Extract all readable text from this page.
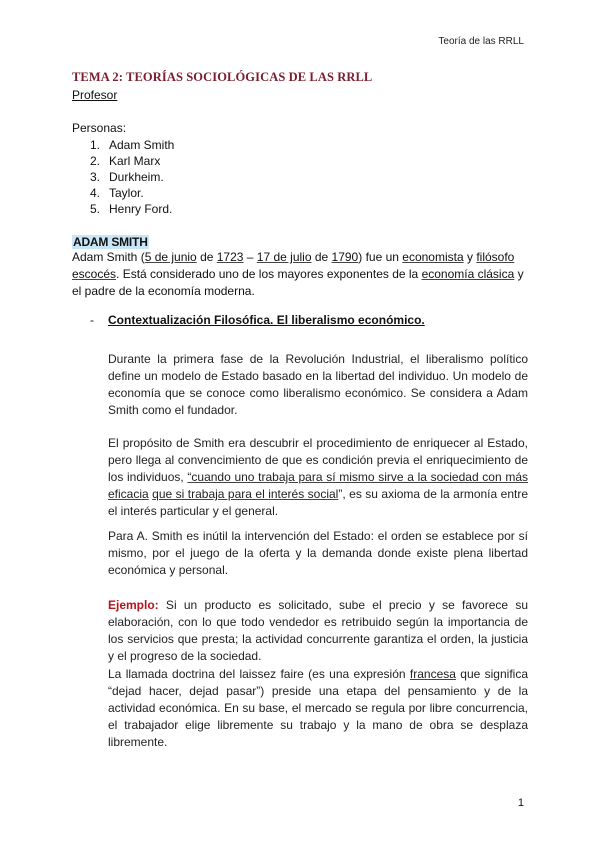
Teoría de las RRLL
TEMA 2: TEORÍAS SOCIOLÓGICAS DE LAS RRLL
Profesor
Personas:
1. Adam Smith
2. Karl Marx
3. Durkheim.
4. Taylor.
5. Henry Ford.
ADAM SMITH
Adam Smith (5 de junio de 1723 – 17 de julio de 1790) fue un economista y filósofo escocés. Está considerado uno de los mayores exponentes de la economía clásica y el padre de la economía moderna.
- Contextualización Filosófica. El liberalismo económico.
Durante la primera fase de la Revolución Industrial, el liberalismo político define un modelo de Estado basado en la libertad del individuo. Un modelo de economía que se conoce como liberalismo económico. Se considera a Adam Smith como el fundador.
El propósito de Smith era descubrir el procedimiento de enriquecer al Estado, pero llega al convencimiento de que es condición previa el enriquecimiento de los individuos, “cuando uno trabaja para sí mismo sirve a la sociedad con más eficacia que si trabaja para el interés social”, es su axioma de la armonía entre el interés particular y el general.
Para A. Smith es inútil la intervención del Estado: el orden se establece por sí mismo, por el juego de la oferta y la demanda donde existe plena libertad económica y personal.
Ejemplo: Si un producto es solicitado, sube el precio y se favorece su elaboración, con lo que todo vendedor es retribuido según la importancia de los servicios que presta; la actividad concurrente garantiza el orden, la justicia y el progreso de la sociedad.
La llamada doctrina del laissez faire (es una expresión francesa que significa “dejad hacer, dejad pasar”) preside una etapa del pensamiento y de la actividad económica. En su base, el mercado se regula por libre concurrencia, el trabajador elige libremente su trabajo y la mano de obra se desplaza libremente.
1
